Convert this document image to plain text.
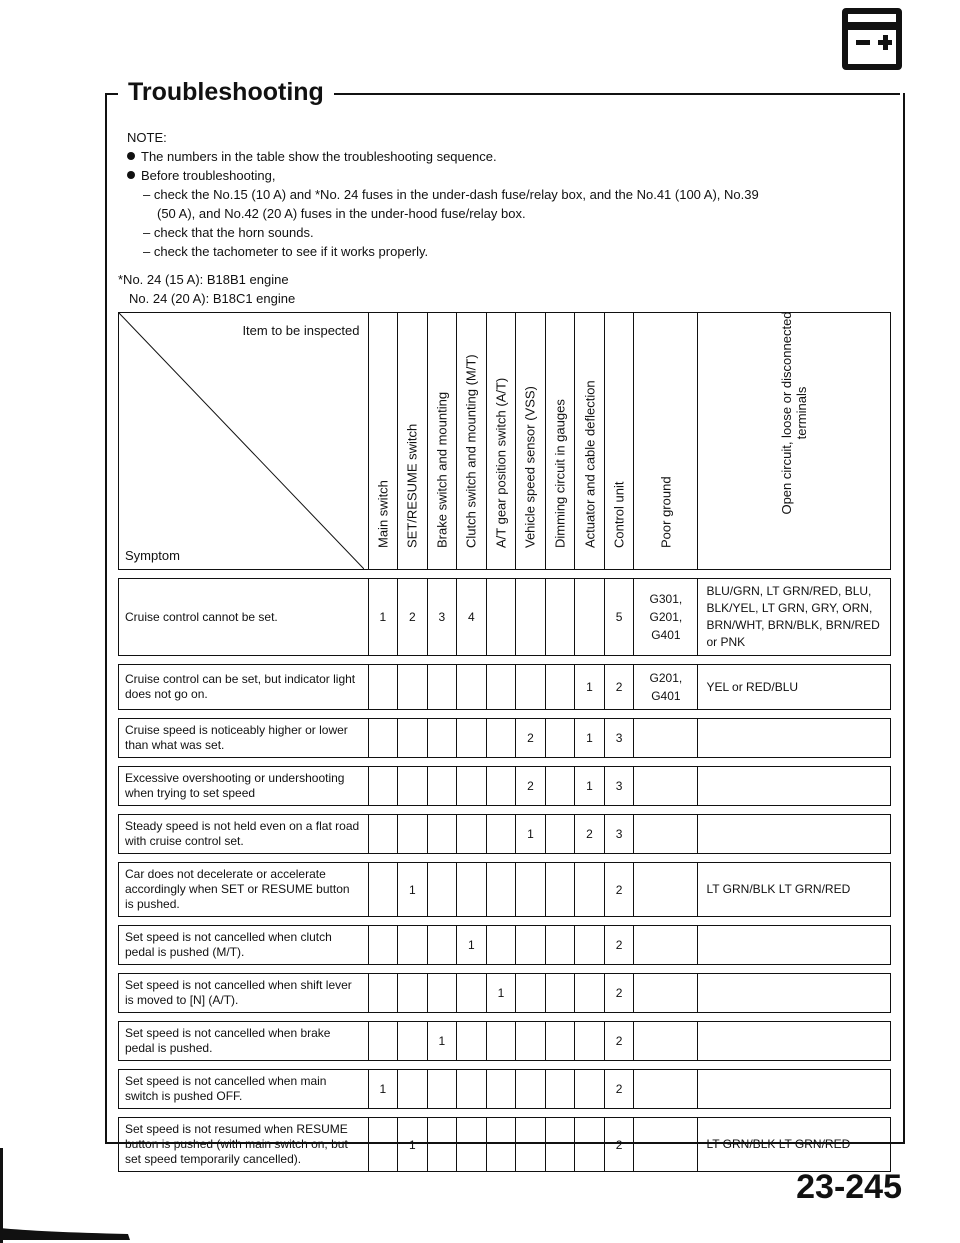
Troubleshooting

NOTE:

The numbers in the table show the troubleshooting sequence.

Before troubleshooting,

– check the No.15 (10 A) and *No. 24 fuses in the under-dash fuse/relay box, and the No.41 (100 A), No.39

(50 A), and No.42 (20 A) fuses in the under-hood fuse/relay box.

– check that the horn sounds.

– check the tachometer to see if it works properly.

*No. 24 (15 A): B18B1 engine

No. 24 (20 A): B18C1 engine

Item to be inspected
Symptom	Main switch	SET/RESUME switch	Brake switch and mounting	Clutch switch and mounting (M/T)	A/T gear position switch (A/T)	Vehicle speed sensor (VSS)	Dimming circuit in gauges	Actuator and cable deflection	Control unit	Poor ground	Open circuit, loose or disconnected terminals

Cruise control cannot be set.	1	2	3	4					5	G301, G201, G401	BLU/GRN, LT GRN/RED, BLU, BLK/YEL, LT GRN, GRY, ORN, BRN/WHT, BRN/BLK, BRN/RED or PNK

Cruise control can be set, but indicator light does not go on.								1	2	G201, G401	YEL or RED/BLU

Cruise speed is noticeably higher or lower than what was set.						2		1	3		

Excessive overshooting or undershooting when trying to set speed						2		1	3		

Steady speed is not held even on a flat road with cruise control set.						1		2	3		

Car does not decelerate or accelerate accordingly when SET or RESUME button is pushed.		1							2		LT GRN/BLK LT GRN/RED

Set speed is not cancelled when clutch pedal is pushed (M/T).				1					2		

Set speed is not cancelled when shift lever is moved to [N] (A/T).					1				2		

Set speed is not cancelled when brake pedal is pushed.			1						2		

Set speed is not cancelled when main switch is pushed OFF.	1								2		

Set speed is not resumed when RESUME button is pushed (with main switch on, but set speed temporarily cancelled).		1							2		LT GRN/BLK LT GRN/RED
23-245
